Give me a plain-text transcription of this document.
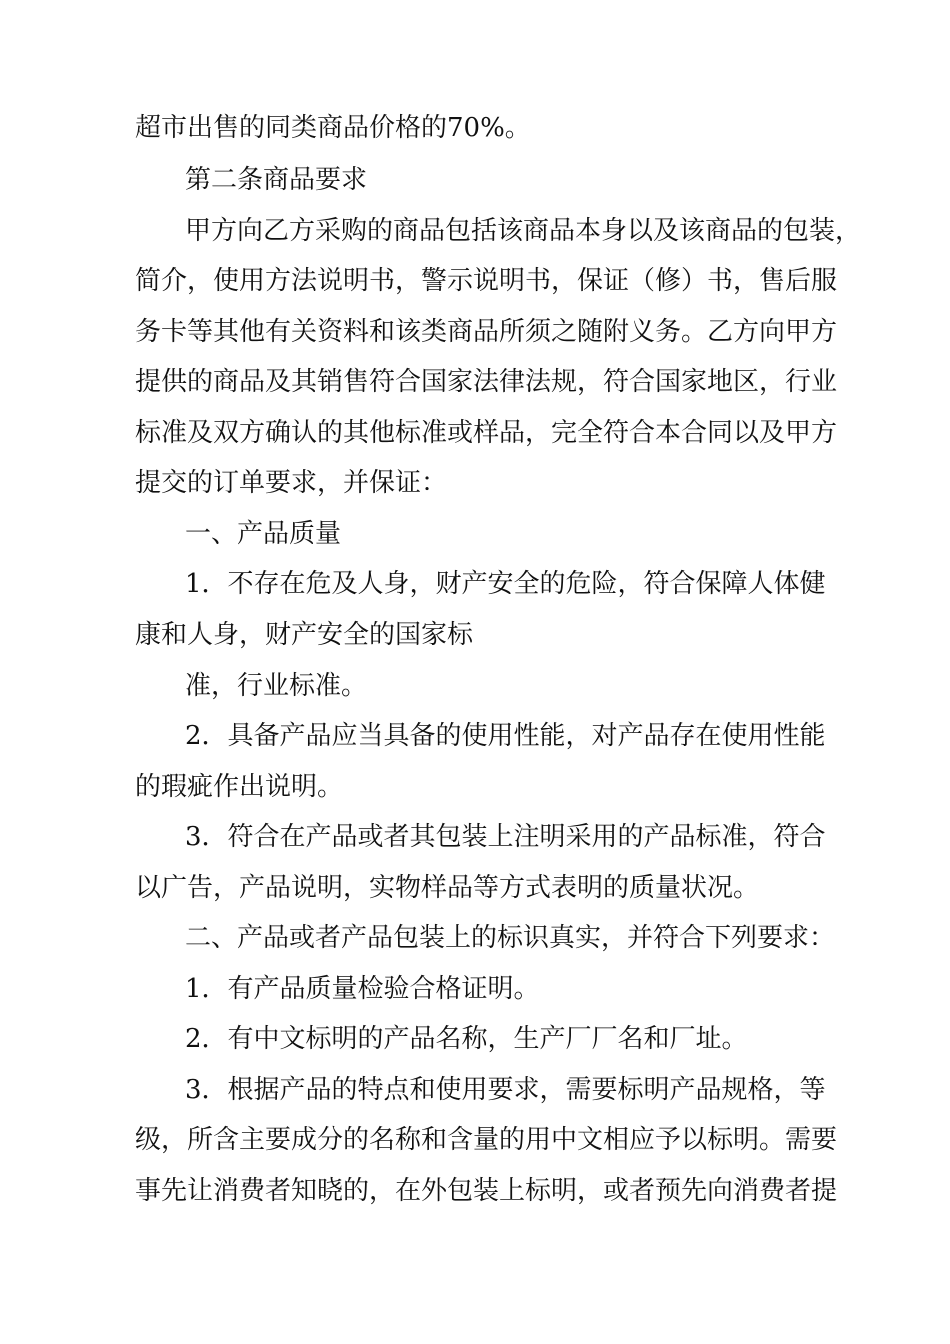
超市出售的同类商品价格的70%。
第二条商品要求
甲方向乙方采购的商品包括该商品本身以及该商品的包装，
简介，使用方法说明书，警示说明书，保证（修）书，售后服
务卡等其他有关资料和该类商品所须之随附义务。乙方向甲方
提供的商品及其销售符合国家法律法规，符合国家地区，行业
标准及双方确认的其他标准或样品，完全符合本合同以及甲方
提交的订单要求，并保证：
一、产品质量
1．不存在危及人身，财产安全的危险，符合保障人体健
康和人身，财产安全的国家标
准，行业标准。
2．具备产品应当具备的使用性能，对产品存在使用性能
的瑕疵作出说明。
3．符合在产品或者其包装上注明采用的产品标准，符合
以广告，产品说明，实物样品等方式表明的质量状况。
二、产品或者产品包装上的标识真实，并符合下列要求：
1．有产品质量检验合格证明。
2．有中文标明的产品名称，生产厂厂名和厂址。
3．根据产品的特点和使用要求，需要标明产品规格，等
级，所含主要成分的名称和含量的用中文相应予以标明。需要
事先让消费者知晓的，在外包装上标明，或者预先向消费者提
